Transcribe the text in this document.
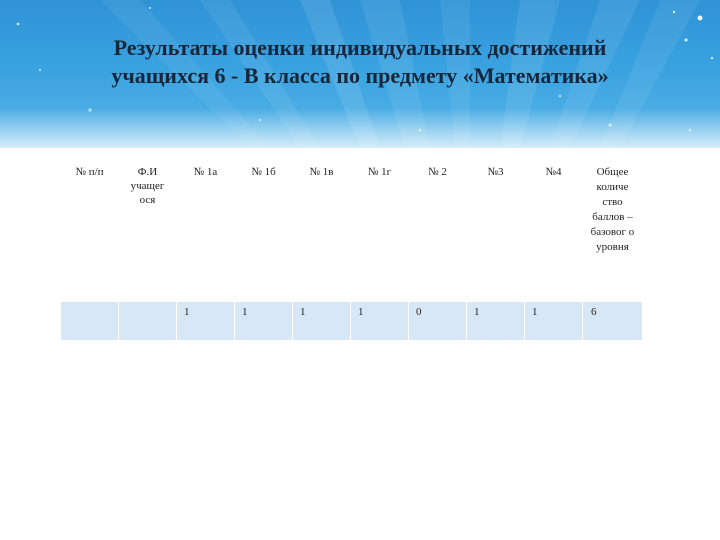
Результаты оценки индивидуальных достижений
учащихся 6 - В класса по предмету «Математика»
№ п/п	Ф.И учащег ося	№ 1а	№ 1б	№ 1в	№ 1г	№ 2	№3	№4	Общее количе ство баллов – базовог о уровня
		1	1	1	1	0	1	1	6
